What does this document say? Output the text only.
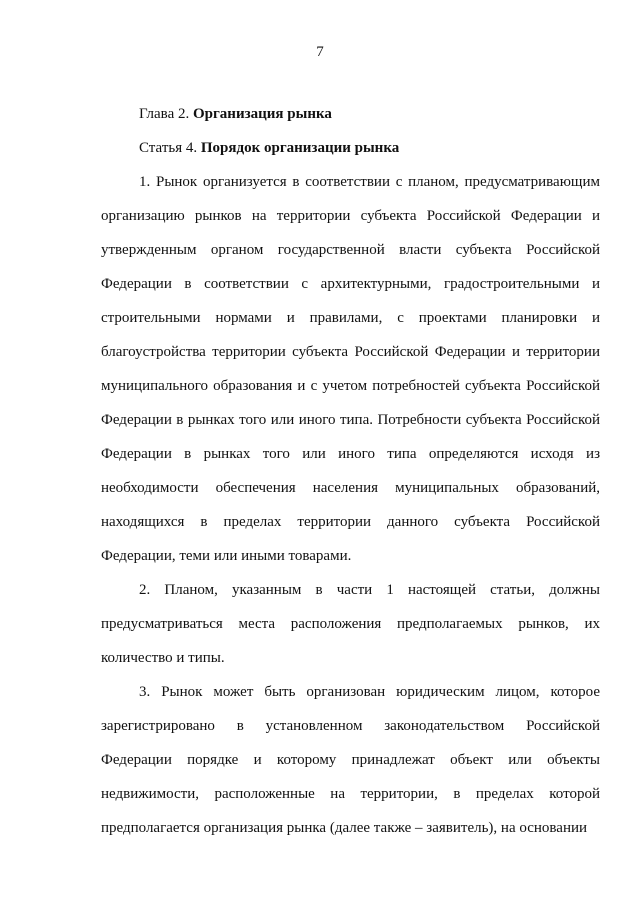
7

Глава 2. Организация рынка

Статья 4. Порядок организации рынка

1. Рынок организуется в соответствии с планом, предусматривающим организацию рынков на территории субъекта Российской Федерации и утвержденным органом государственной власти субъекта Российской Федерации в соответствии с архитектурными, градостроительными и строительными нормами и правилами, с проектами планировки и благоустройства территории субъекта Российской Федерации и территории муниципального образования и с учетом потребностей субъекта Российской Федерации в рынках того или иного типа. Потребности субъекта Российской Федерации в рынках того или иного типа определяются исходя из необходимости обеспечения населения муниципальных образований, находящихся в пределах территории данного субъекта Российской Федерации, теми или иными товарами.

2. Планом, указанным в части 1 настоящей статьи, должны предусматриваться места расположения предполагаемых рынков, их количество и типы.

3. Рынок может быть организован юридическим лицом, которое зарегистрировано в установленном законодательством Российской Федерации порядке и которому принадлежат объект или объекты недвижимости, расположенные на территории, в пределах которой предполагается организация рынка (далее также – заявитель), на основании
